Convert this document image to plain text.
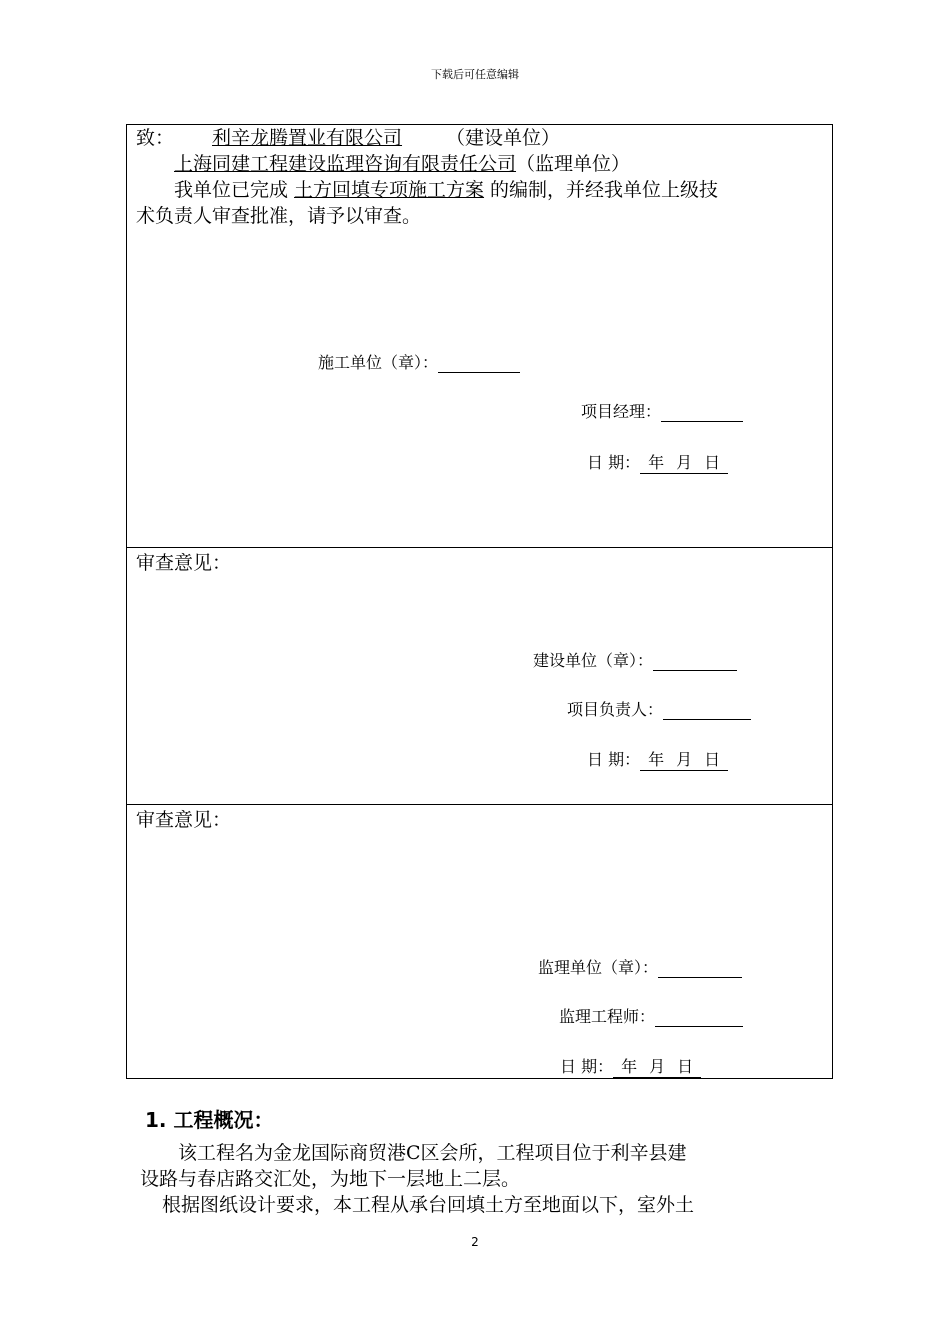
下载后可任意编辑
致： 利辛龙腾置业有限公司 （建设单位）
上海同建工程建设监理咨询有限责任公司（监理单位）
我单位已完成 土方回填专项施工方案 的编制，并经我单位上级技
术负责人审查批准，请予以审查。
施工单位（章）：
项目经理：
日 期： 年 月 日
审查意见：
建设单位（章）：
项目负责人：
日 期： 年 月 日
审查意见：
监理单位（章）：
监理工程师：
日 期： 年 月 日
1. 工程概况：
该工程名为金龙国际商贸港C区会所，工程项目位于利辛县建
设路与春店路交汇处，为地下一层地上二层。
根据图纸设计要求，本工程从承台回填土方至地面以下，室外土
2
